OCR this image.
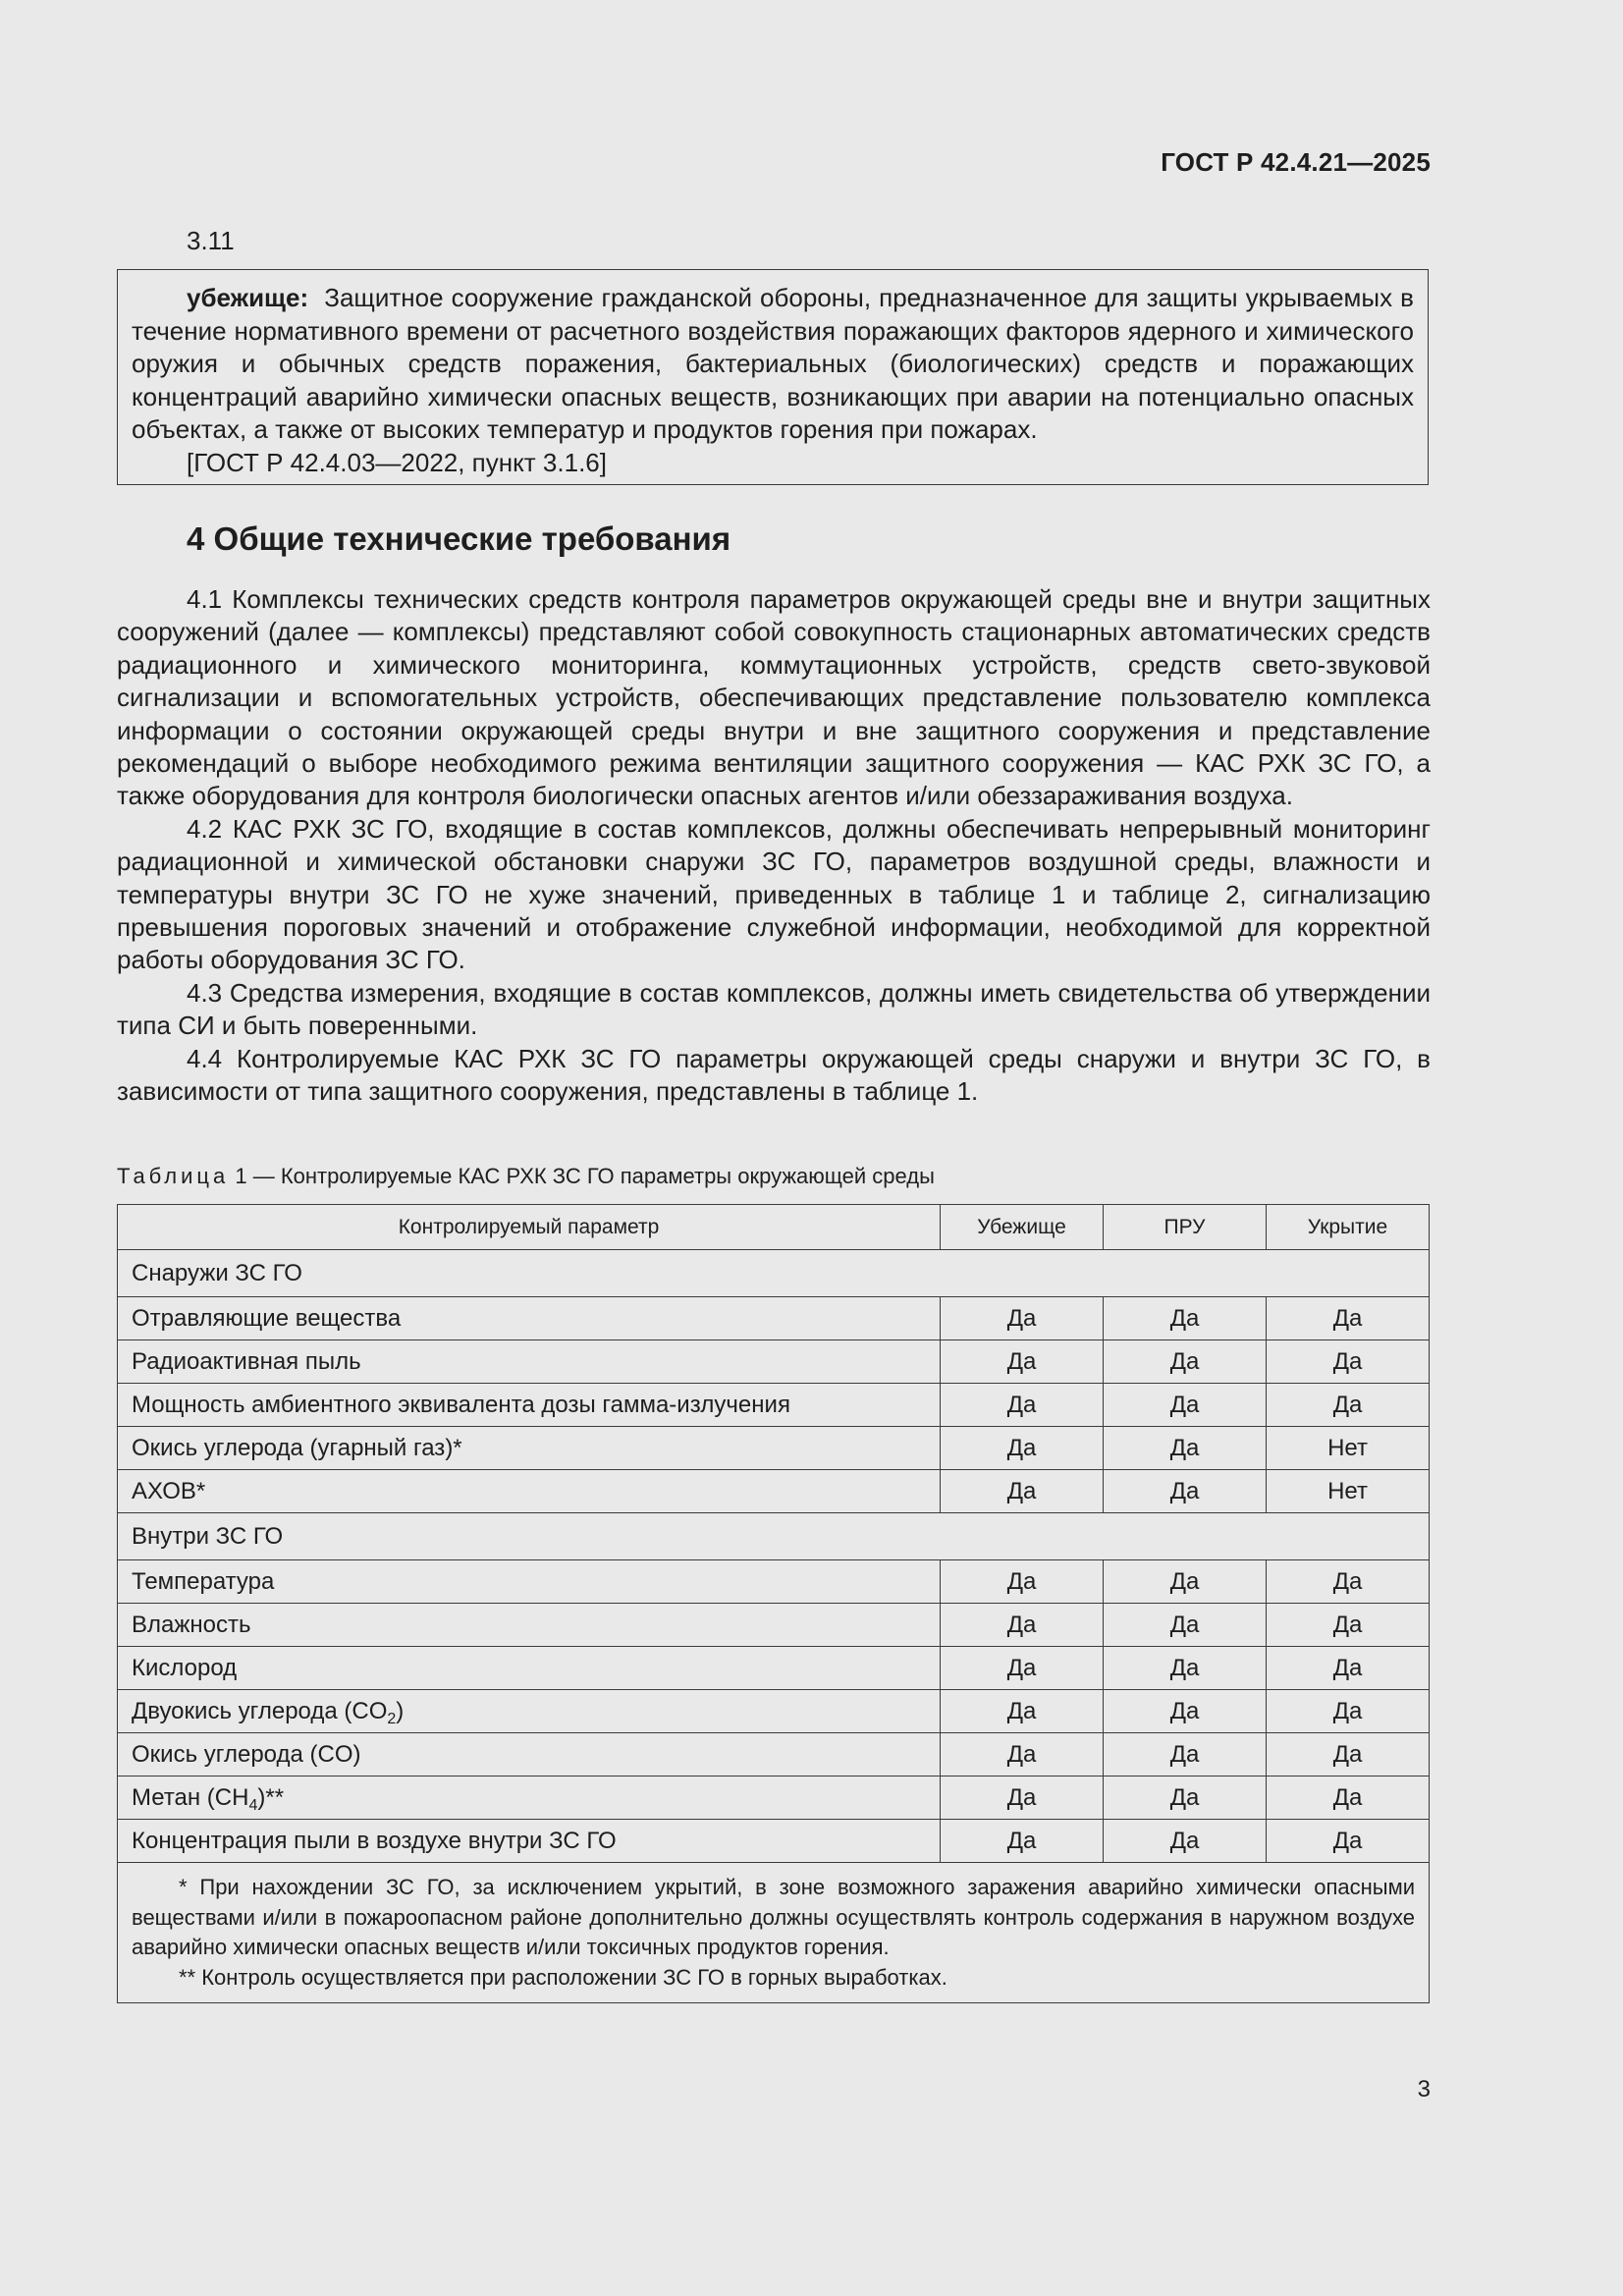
ГОСТ Р 42.4.21—2025
3.11

убежище: Защитное сооружение гражданской обороны, предназначенное для защиты укрываемых в течение нормативного времени от расчетного воздействия поражающих факторов ядерного и химического оружия и обычных средств поражения, бактериальных (биологических) средств и поражающих концентраций аварийно химически опасных веществ, возникающих при аварии на потенциально опасных объектах, а также от высоких температур и продуктов горения при пожарах.

[ГОСТ Р 42.4.03—2022, пункт 3.1.6]

4 Общие технические требования

4.1 Комплексы технических средств контроля параметров окружающей среды вне и внутри защитных сооружений (далее — комплексы) представляют собой совокупность стационарных автоматических средств радиационного и химического мониторинга, коммутационных устройств, средств свето-звуковой сигнализации и вспомогательных устройств, обеспечивающих представление пользователю комплекса информации о состоянии окружающей среды внутри и вне защитного сооружения и представление рекомендаций о выборе необходимого режима вентиляции защитного сооружения — КАС РХК ЗС ГО, а также оборудования для контроля биологически опасных агентов и/или обеззараживания воздуха.

4.2 КАС РХК ЗС ГО, входящие в состав комплексов, должны обеспечивать непрерывный мониторинг радиационной и химической обстановки снаружи ЗС ГО, параметров воздушной среды, влажности и температуры внутри ЗС ГО не хуже значений, приведенных в таблице 1 и таблице 2, сигнализацию превышения пороговых значений и отображение служебной информации, необходимой для корректной работы оборудования ЗС ГО.

4.3 Средства измерения, входящие в состав комплексов, должны иметь свидетельства об утверждении типа СИ и быть поверенными.

4.4 Контролируемые КАС РХК ЗС ГО параметры окружающей среды снаружи и внутри ЗС ГО, в зависимости от типа защитного сооружения, представлены в таблице 1.

Таблица 1 — Контролируемые КАС РХК ЗС ГО параметры окружающей среды
Контролируемый параметр	Убежище	ПРУ	Укрытие
Снаружи ЗС ГО			
Отравляющие вещества	Да	Да	Да
Радиоактивная пыль	Да	Да	Да
Мощность амбиентного эквивалента дозы гамма-излучения	Да	Да	Да
Окись углерода (угарный газ)*	Да	Да	Нет
АХОВ*	Да	Да	Нет
Внутри ЗС ГО			
Температура	Да	Да	Да
Влажность	Да	Да	Да
Кислород	Да	Да	Да
Двуокись углерода $(CO_2)$	Да	Да	Да
Окись углерода (CO)	Да	Да	Да
Метан $(CH_4)**$	Да	Да	Да
Концентрация пыли в воздухе внутри ЗС ГО	Да	Да	Да

* При нахождении ЗС ГО, за исключением укрытий, в зоне возможного заражения аварийно химически опасными веществами и/или в пожароопасном районе дополнительно должны осуществлять контроль содержания в наружном воздухе аварийно химически опасных веществ и/или токсичных продуктов горения.

** Контроль осуществляется при расположении ЗС ГО в горных выработках.			

3
